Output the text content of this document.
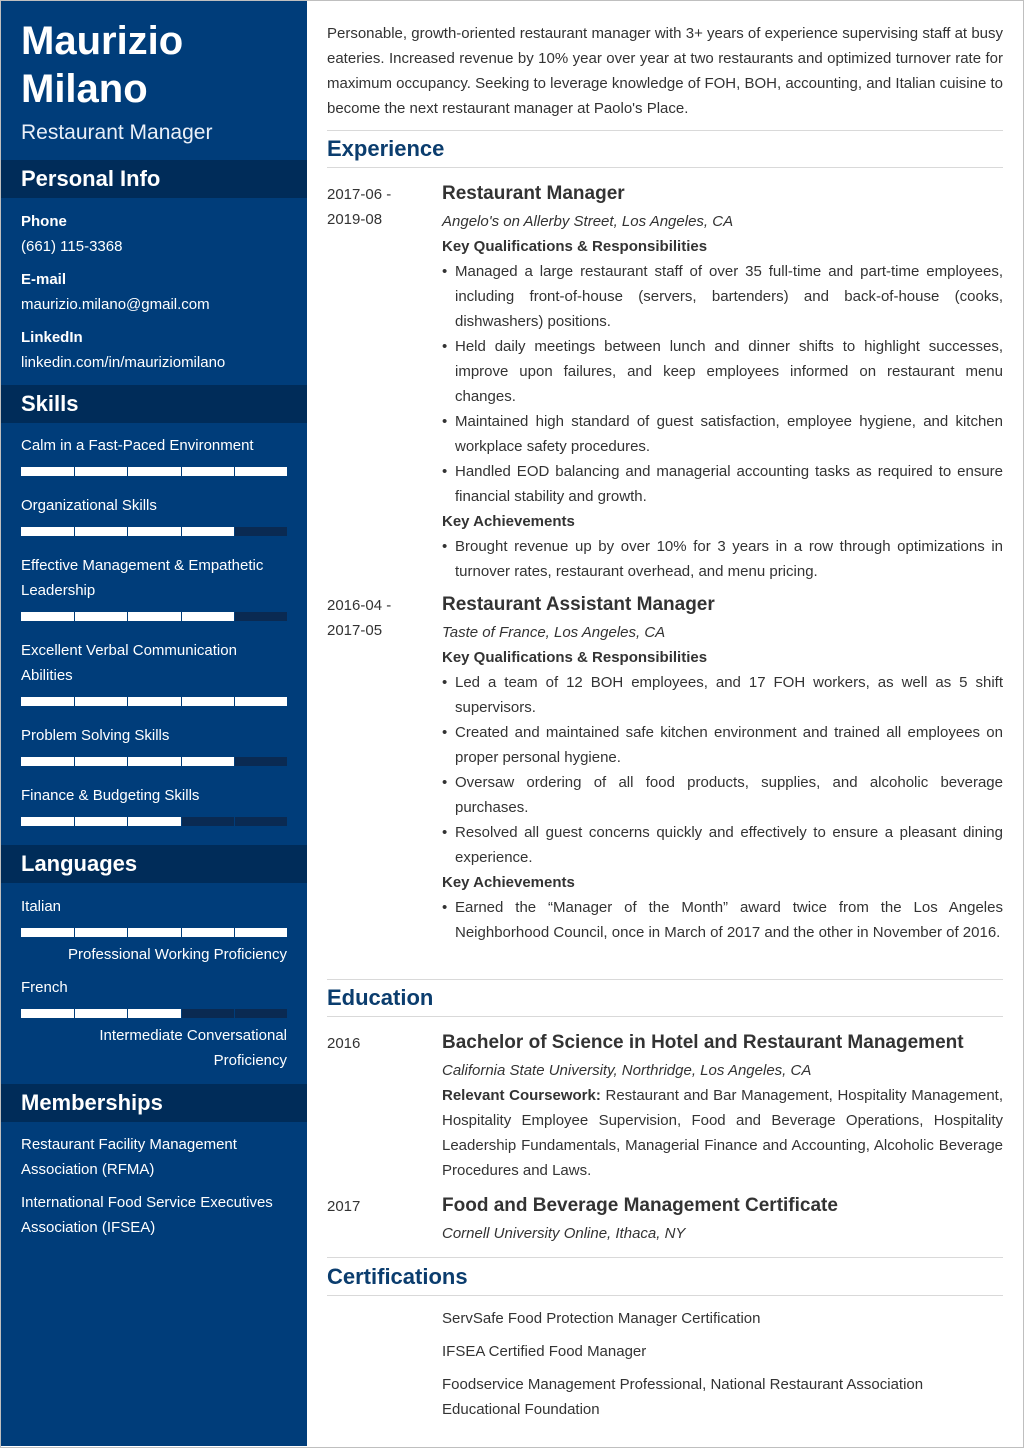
Maurizio
Milano
Restaurant Manager
Personal Info
Phone
(661) 115-3368
E-mail
maurizio.milano@gmail.com
LinkedIn
linkedin.com/in/mauriziomilano
Skills
Calm in a Fast-Paced Environment
Organizational Skills
Effective Management & Empathetic Leadership
Excellent Verbal Communication Abilities
Problem Solving Skills
Finance & Budgeting Skills
Languages
Italian
Professional Working Proficiency
French
Intermediate Conversational Proficiency
Memberships
Restaurant Facility Management Association (RFMA)
International Food Service Executives Association (IFSEA)
Personable, growth-oriented restaurant manager with 3+ years of experience supervising staff at busy eateries. Increased revenue by 10% year over year at two restaurants and optimized turnover rate for maximum occupancy. Seeking to leverage knowledge of FOH, BOH, accounting, and Italian cuisine to become the next restaurant manager at Paolo's Place.
Experience
2017-06 -
2019-08
Restaurant Manager
Angelo's on Allerby Street, Los Angeles, CA
Key Qualifications & Responsibilities
• Managed a large restaurant staff of over 35 full-time and part-time employees, including front-of-house (servers, bartenders) and back-of-house (cooks, dishwashers) positions.
• Held daily meetings between lunch and dinner shifts to highlight successes, improve upon failures, and keep employees informed on restaurant menu changes.
• Maintained high standard of guest satisfaction, employee hygiene, and kitchen workplace safety procedures.
• Handled EOD balancing and managerial accounting tasks as required to ensure financial stability and growth.
Key Achievements
• Brought revenue up by over 10% for 3 years in a row through optimizations in turnover rates, restaurant overhead, and menu pricing.
2016-04 -
2017-05
Restaurant Assistant Manager
Taste of France, Los Angeles, CA
Key Qualifications & Responsibilities
• Led a team of 12 BOH employees, and 17 FOH workers, as well as 5 shift supervisors.
• Created and maintained safe kitchen environment and trained all employees on proper personal hygiene.
• Oversaw ordering of all food products, supplies, and alcoholic beverage purchases.
• Resolved all guest concerns quickly and effectively to ensure a pleasant dining experience.
Key Achievements
• Earned the “Manager of the Month” award twice from the Los Angeles Neighborhood Council, once in March of 2017 and the other in November of 2016.
Education
2016	Bachelor of Science in Hotel and Restaurant Management
California State University, Northridge, Los Angeles, CA
Relevant Coursework: Restaurant and Bar Management, Hospitality Management, Hospitality Employee Supervision, Food and Beverage Operations, Hospitality Leadership Fundamentals, Managerial Finance and Accounting, Alcoholic Beverage Procedures and Laws.
2017	Food and Beverage Management Certificate
Cornell University Online, Ithaca, NY
Certifications
ServSafe Food Protection Manager Certification
IFSEA Certified Food Manager
Foodservice Management Professional, National Restaurant Association Educational Foundation
